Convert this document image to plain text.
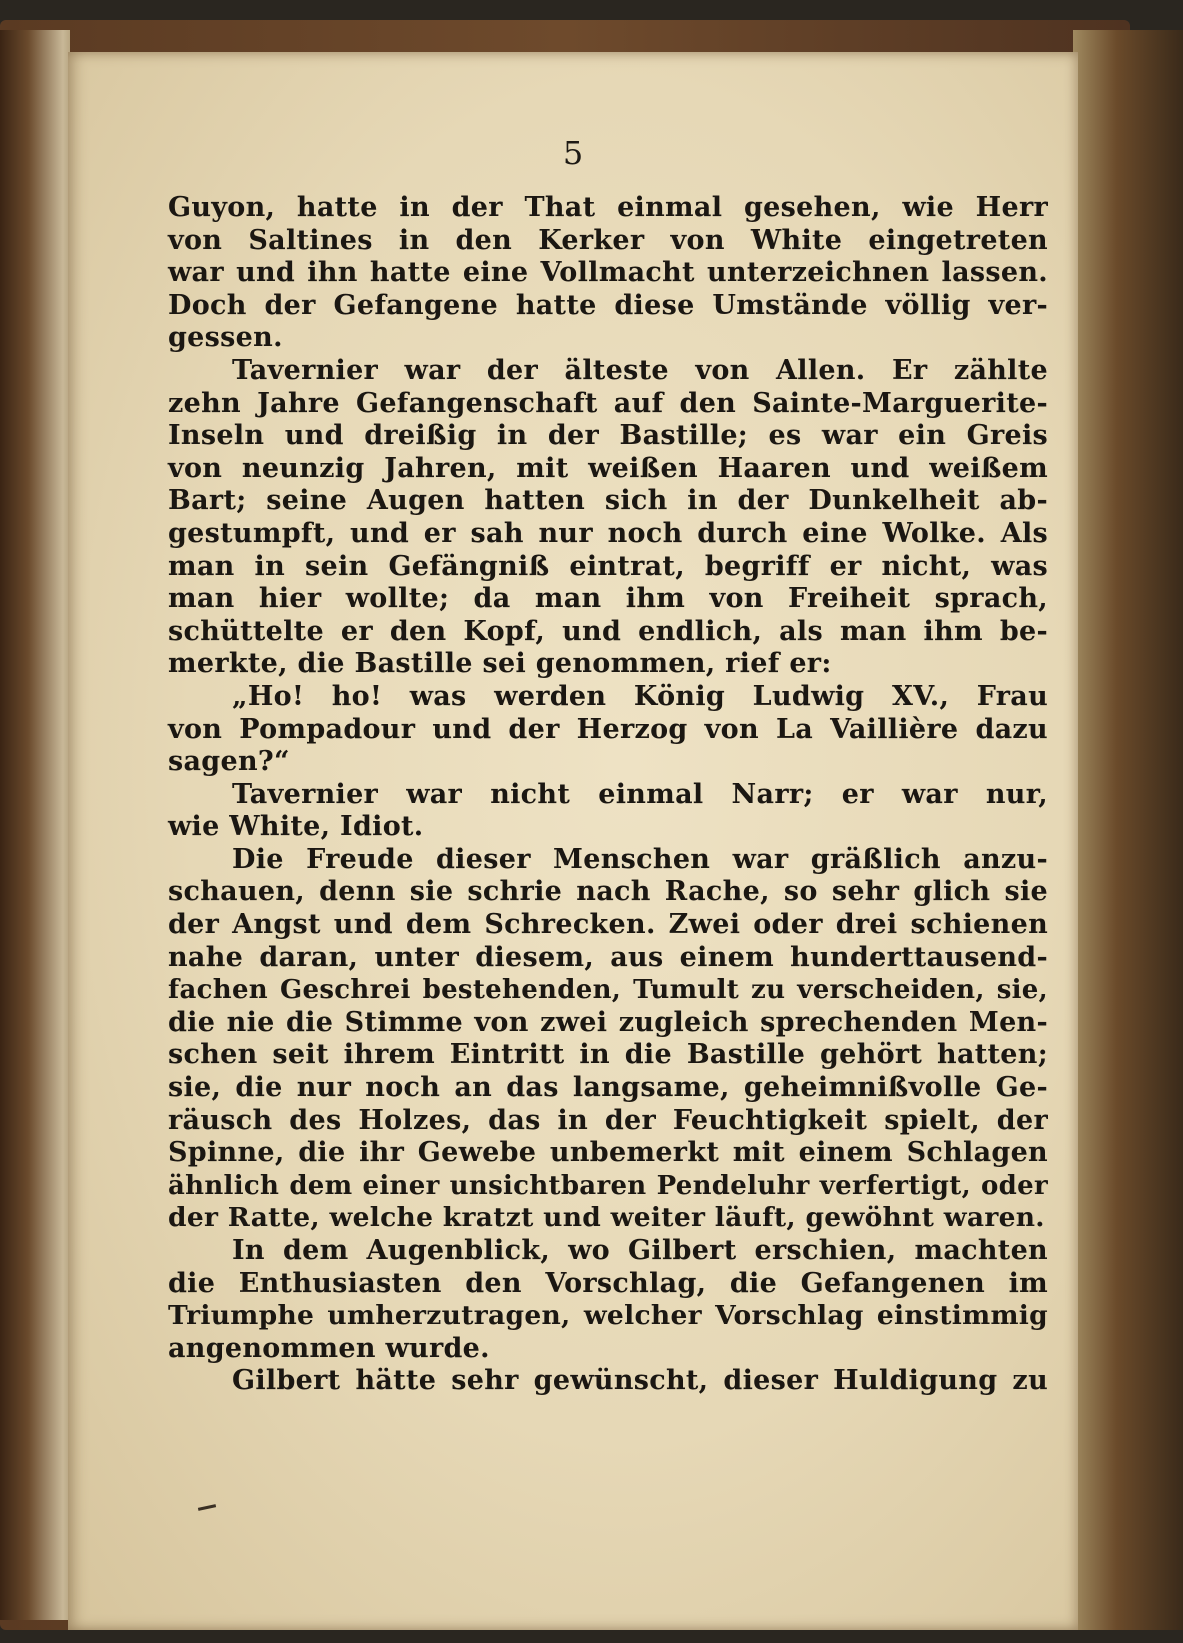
5
Guyon, hatte in der That einmal gesehen, wie Herr
von Saltines in den Kerker von White eingetreten
war und ihn hatte eine Vollmacht unterzeichnen lassen.
Doch der Gefangene hatte diese Umstände völlig ver-
gessen.
Tavernier war der älteste von Allen. Er zählte
zehn Jahre Gefangenschaft auf den Sainte-Marguerite-
Inseln und dreißig in der Bastille; es war ein Greis
von neunzig Jahren, mit weißen Haaren und weißem
Bart; seine Augen hatten sich in der Dunkelheit ab-
gestumpft, und er sah nur noch durch eine Wolke. Als
man in sein Gefängniß eintrat, begriff er nicht, was
man hier wollte; da man ihm von Freiheit sprach,
schüttelte er den Kopf, und endlich, als man ihm be-
merkte, die Bastille sei genommen, rief er:
„Ho! ho! was werden König Ludwig XV., Frau
von Pompadour und der Herzog von La Vaillière dazu
sagen?“
Tavernier war nicht einmal Narr; er war nur,
wie White, Idiot.
Die Freude dieser Menschen war gräßlich anzu-
schauen, denn sie schrie nach Rache, so sehr glich sie
der Angst und dem Schrecken. Zwei oder drei schienen
nahe daran, unter diesem, aus einem hunderttausend-
fachen Geschrei bestehenden, Tumult zu verscheiden, sie,
die nie die Stimme von zwei zugleich sprechenden Men-
schen seit ihrem Eintritt in die Bastille gehört hatten;
sie, die nur noch an das langsame, geheimnißvolle Ge-
räusch des Holzes, das in der Feuchtigkeit spielt, der
Spinne, die ihr Gewebe unbemerkt mit einem Schlagen
ähnlich dem einer unsichtbaren Pendeluhr verfertigt, oder
der Ratte, welche kratzt und weiter läuft, gewöhnt waren.
In dem Augenblick, wo Gilbert erschien, machten
die Enthusiasten den Vorschlag, die Gefangenen im
Triumphe umherzutragen, welcher Vorschlag einstimmig
angenommen wurde.
Gilbert hätte sehr gewünscht, dieser Huldigung zu
